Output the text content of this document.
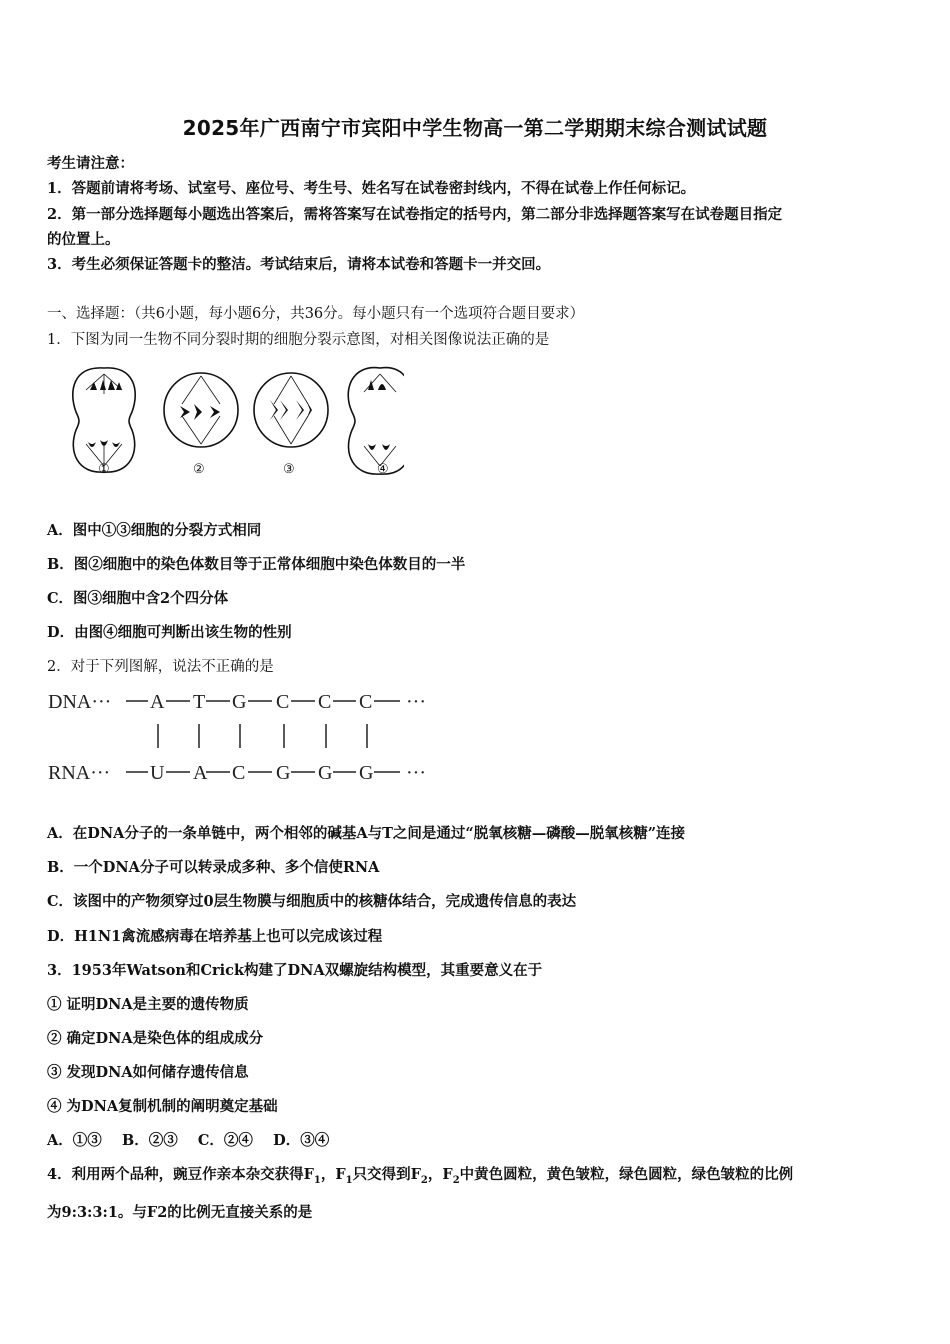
2025年广西南宁市宾阳中学生物高一第二学期期末综合测试试题
考生请注意：
1．答题前请将考场、试室号、座位号、考生号、姓名写在试卷密封线内，不得在试卷上作任何标记。
2．第一部分选择题每小题选出答案后，需将答案写在试卷指定的括号内，第二部分非选择题答案写在试卷题目指定
的位置上。
3．考生必须保证答题卡的整洁。考试结束后，请将本试卷和答题卡一并交回。
一、选择题：（共6小题，每小题6分，共36分。每小题只有一个选项符合题目要求）
1．下图为同一生物不同分裂时期的细胞分裂示意图，对相关图像说法正确的是
①	②	③	④
A．图中①③细胞的分裂方式相同
B．图②细胞中的染色体数目等于正常体细胞中染色体数目的一半
C．图③细胞中含2个四分体
D．由图④细胞可判断出该生物的性别
2．对于下列图解，说法不正确的是
DNA···
RNA···
A T G C C C ···
U A C G G G ···
A．在DNA分子的一条单链中，两个相邻的碱基A与T之间是通过“脱氧核糖—磷酸—脱氧核糖”连接
B．一个DNA分子可以转录成多种、多个信使RNA
C．该图中的产物须穿过0层生物膜与细胞质中的核糖体结合，完成遗传信息的表达
D．H1N1禽流感病毒在培养基上也可以完成该过程
3．1953年Watson和Crick构建了DNA双螺旋结构模型，其重要意义在于
① 证明DNA是主要的遗传物质
② 确定DNA是染色体的组成成分
③ 发现DNA如何储存遗传信息
④ 为DNA复制机制的阐明奠定基础
A．①③    B．②③    C．②④    D．③④
4．利用两个品种，豌豆作亲本杂交获得$F_1$，$F_1$只交得到$F_2$，$F_2$中黄色圆粒，黄色皱粒，绿色圆粒，绿色皱粒的比例
为9:3:3:1。与F2的比例无直接关系的是
